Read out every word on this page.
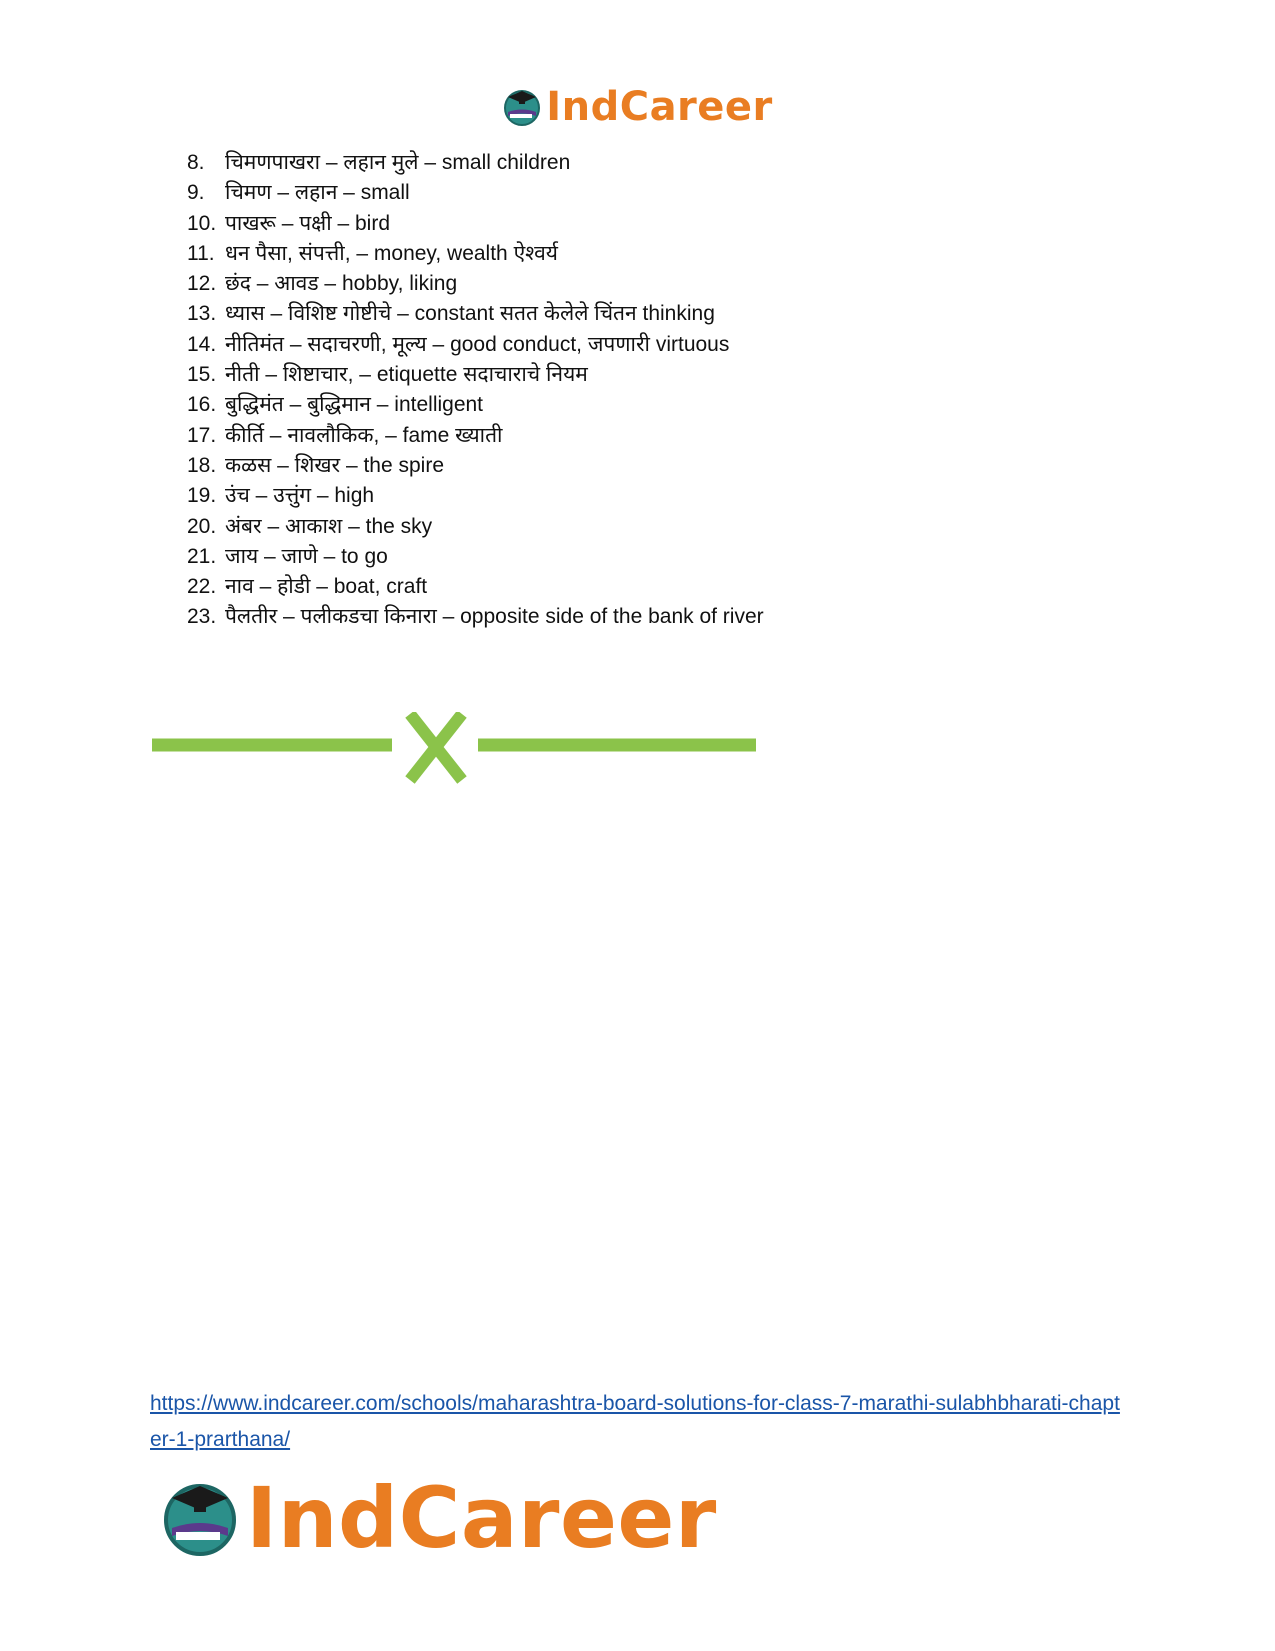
IndCareer
8. चिमणपाखरा – लहान मुले – small children
9. चिमण – लहान – small
10. पाखरू – पक्षी – bird
11. धन पैसा, संपत्ती, – money, wealth ऐश्वर्य
12. छंद – आवड – hobby, liking
13. ध्यास – विशिष्ट गोष्टीचे – constant सतत केलेले चिंतन thinking
14. नीतिमंत – सदाचरणी, मूल्य – good conduct, जपणारी virtuous
15. नीती – शिष्टाचार, – etiquette सदाचाराचे नियम
16. बुद्धिमंत – बुद्धिमान – intelligent
17. कीर्ति – नावलौकिक, – fame ख्याती
18. कळस – शिखर – the spire
19. उंच – उत्तुंग – high
20. अंबर – आकाश – the sky
21. जाय – जाणे – to go
22. नाव – होडी – boat, craft
23. पैलतीर – पलीकडचा किनारा – opposite side of the bank of river
https://www.indcareer.com/schools/maharashtra-board-solutions-for-class-7-marathi-sulabhbharati-chapter-1-prarthana/
IndCareer
